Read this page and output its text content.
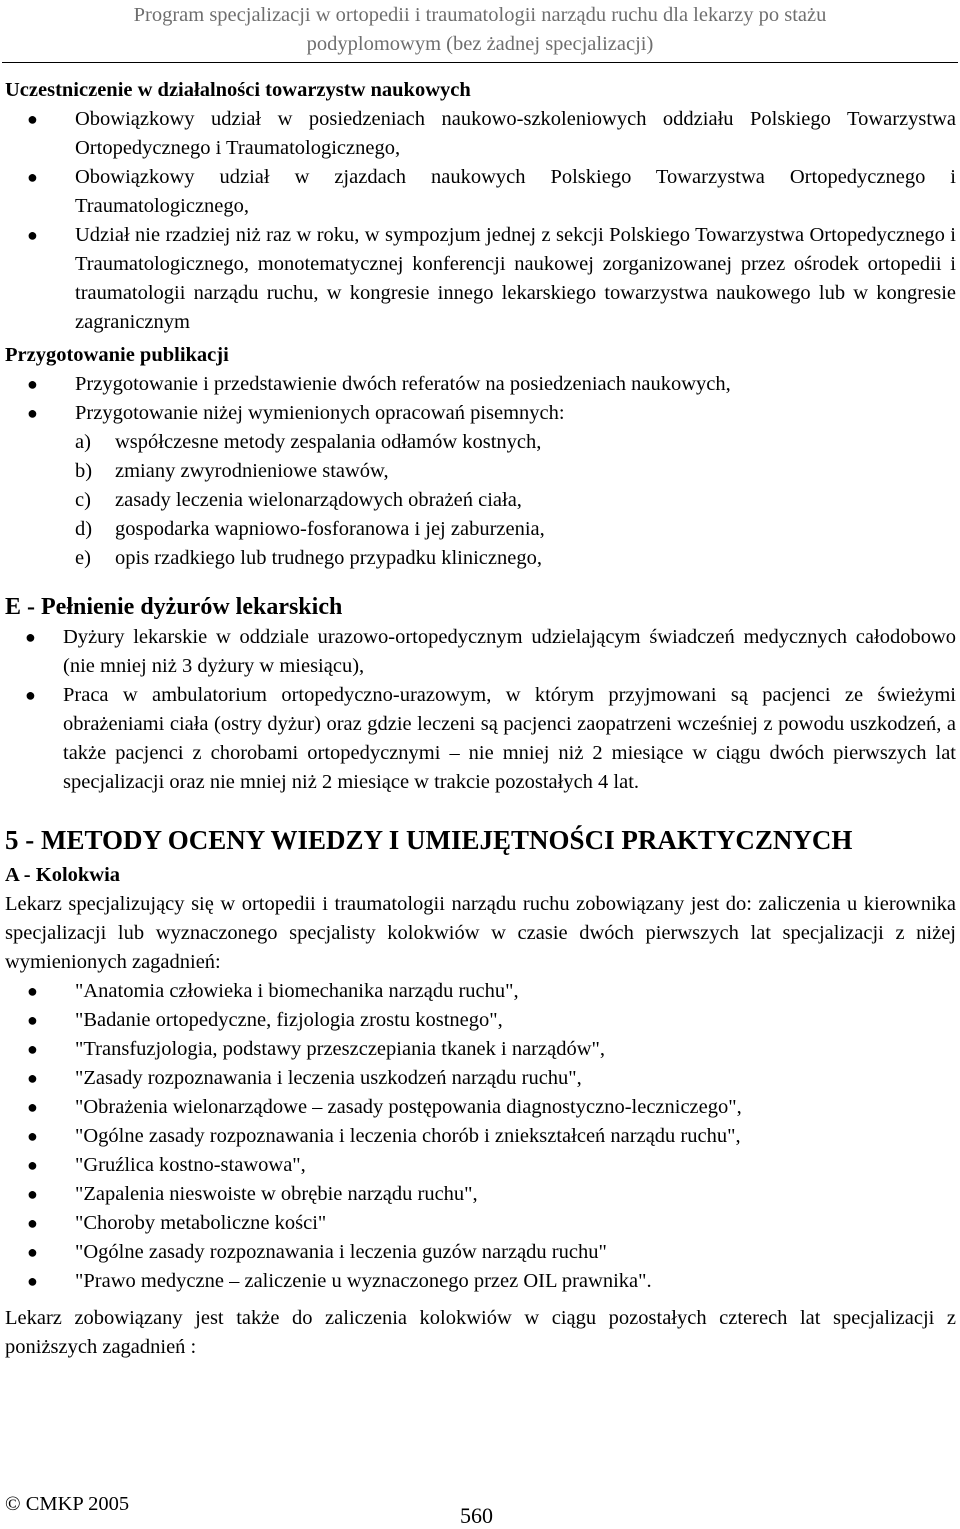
Program specjalizacji w ortopedii i traumatologii narządu ruchu dla lekarzy po stażu
podyplomowym (bez żadnej specjalizacji)
Uczestniczenie w działalności towarzystw naukowych
● Obowiązkowy udział w posiedzeniach naukowo-szkoleniowych oddziału Polskiego Towarzystwa Ortopedycznego i Traumatologicznego,
● Obowiązkowy udział w zjazdach naukowych Polskiego Towarzystwa Ortopedycznego i Traumatologicznego,
● Udział nie rzadziej niż raz w roku, w sympozjum jednej z sekcji Polskiego Towarzystwa Ortopedycznego i Traumatologicznego, monotematycznej konferencji naukowej zorganizowanej przez ośrodek ortopedii i traumatologii narządu ruchu, w kongresie innego lekarskiego towarzystwa naukowego lub w kongresie zagranicznym
Przygotowanie publikacji
● Przygotowanie i przedstawienie dwóch referatów na posiedzeniach naukowych,
● Przygotowanie niżej wymienionych opracowań pisemnych:
a) współczesne metody zespalania odłamów kostnych,
b) zmiany zwyrodnieniowe stawów,
c) zasady leczenia wielonarządowych obrażeń ciała,
d) gospodarka wapniowo-fosforanowa i jej zaburzenia,
e) opis rzadkiego lub trudnego przypadku klinicznego,
E - Pełnienie dyżurów lekarskich
● Dyżury lekarskie w oddziale urazowo-ortopedycznym udzielającym świadczeń medycznych całodobowo (nie mniej niż 3 dyżury w miesiącu),
● Praca w ambulatorium ortopedyczno-urazowym, w którym przyjmowani są pacjenci ze świeżymi obrażeniami ciała (ostry dyżur) oraz gdzie leczeni są pacjenci zaopatrzeni wcześniej z powodu uszkodzeń, a także pacjenci z chorobami ortopedycznymi – nie mniej niż 2 miesiące w ciągu dwóch pierwszych lat specjalizacji oraz nie mniej niż 2 miesiące w trakcie pozostałych 4 lat.
5 - METODY OCENY WIEDZY I UMIEJĘTNOŚCI PRAKTYCZNYCH
A - Kolokwia
Lekarz specjalizujący się w ortopedii i traumatologii narządu ruchu zobowiązany jest do: zaliczenia u kierownika specjalizacji lub wyznaczonego specjalisty kolokwiów w czasie dwóch pierwszych lat specjalizacji z niżej wymienionych zagadnień:
● "Anatomia człowieka i biomechanika narządu ruchu",
● "Badanie ortopedyczne, fizjologia zrostu kostnego",
● "Transfuzjologia, podstawy przeszczepiania tkanek i narządów",
● "Zasady rozpoznawania i leczenia uszkodzeń narządu ruchu",
● "Obrażenia wielonarządowe – zasady postępowania diagnostyczno-leczniczego",
● "Ogólne zasady rozpoznawania i leczenia chorób i zniekształceń narządu ruchu",
● "Gruźlica kostno-stawowa",
● "Zapalenia nieswoiste w obrębie narządu ruchu",
● "Choroby metaboliczne kości"
● "Ogólne zasady rozpoznawania i leczenia guzów narządu ruchu"
● "Prawo medyczne – zaliczenie u wyznaczonego przez OIL prawnika".
Lekarz zobowiązany jest także do zaliczenia kolokwiów w ciągu pozostałych czterech lat specjalizacji z poniższych zagadnień :
© CMKP 2005	560
